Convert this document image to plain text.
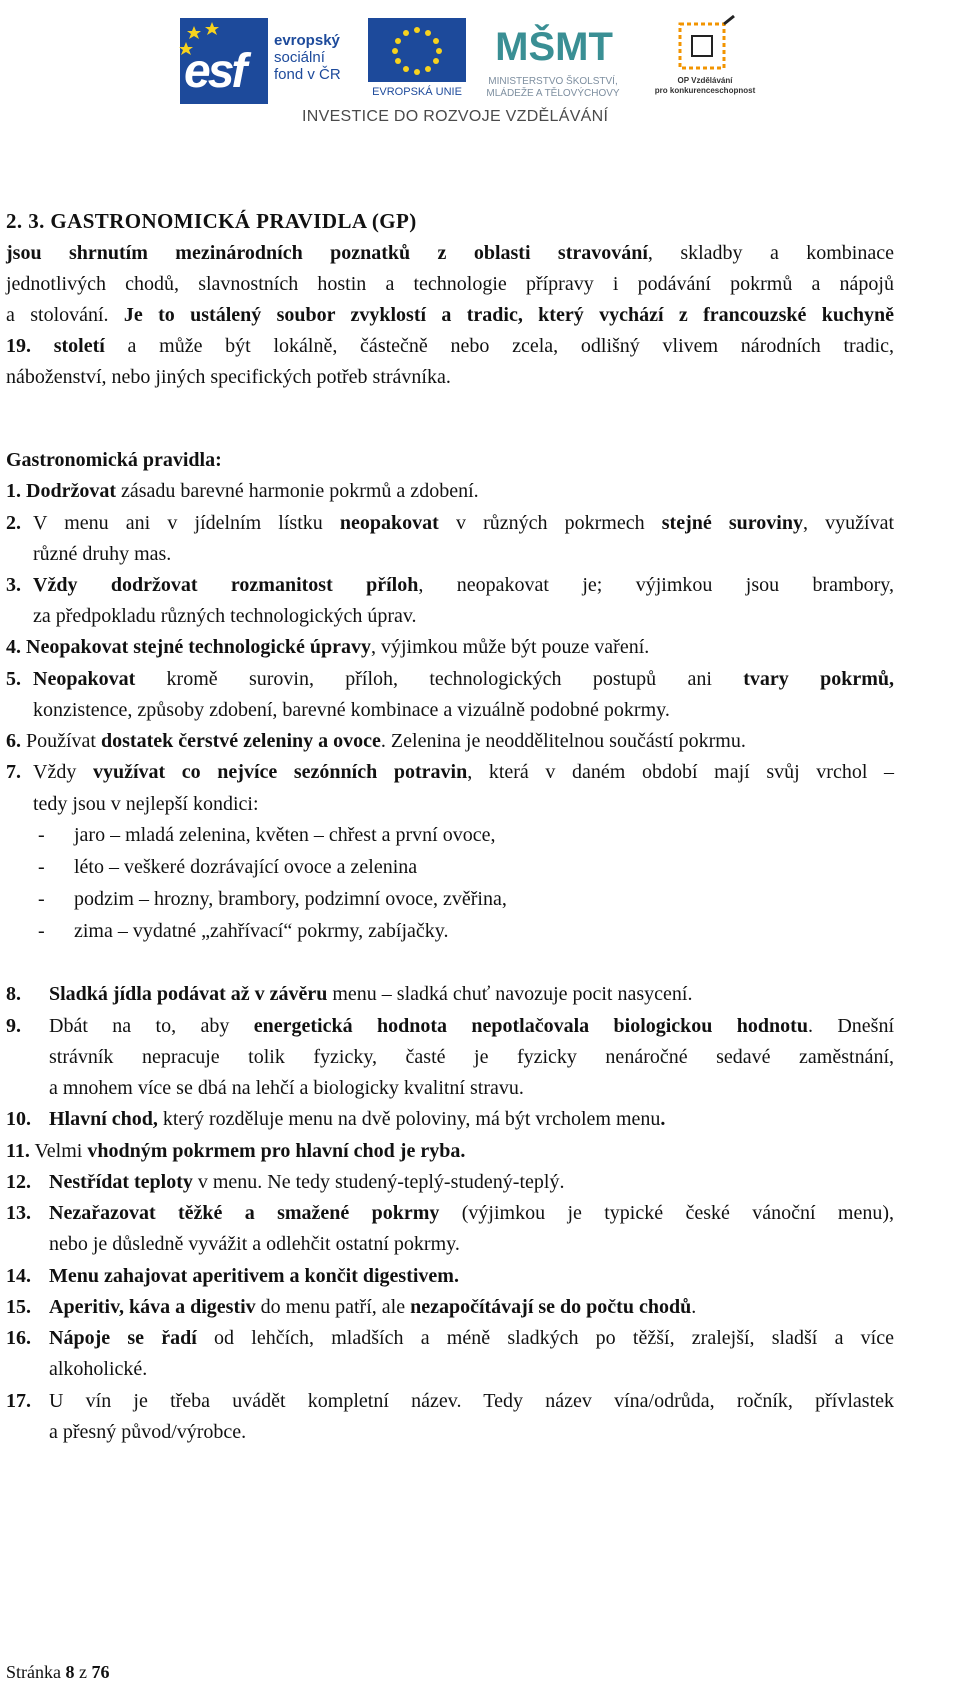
esf
evropský
sociální
fond v ČR
EVROPSKÁ UNIE
MŠMT
MINISTERSTVO ŠKOLSTVÍ,
MLÁDEŽE A TĚLOVÝCHOVY
OP Vzdělávání
pro konkurenceschopnost
INVESTICE DO ROZVOJE VZDĚLÁVÁNÍ
2. 3. GASTRONOMICKÁ PRAVIDLA (GP)
jsou shrnutím mezinárodních poznatků z oblasti stravování, skladby a kombinace
jednotlivých chodů, slavnostních hostin a technologie přípravy i podávání pokrmů a nápojů
a stolování. Je to ustálený soubor zvyklostí a tradic, který vychází z francouzské kuchyně
19. století a může být lokálně, částečně nebo zcela, odlišný vlivem národních tradic,
náboženství, nebo jiných specifických potřeb strávníka.
Gastronomická pravidla:
1. Dodržovat zásadu barevné harmonie pokrmů a zdobení.
2. V menu ani v jídelním lístku neopakovat v různých pokrmech stejné suroviny, využívat
různé druhy mas.
3. Vždy dodržovat rozmanitost příloh, neopakovat je; výjimkou jsou brambory,
za předpokladu různých technologických úprav.
4. Neopakovat stejné technologické úpravy, výjimkou může být pouze vaření.
5. Neopakovat kromě surovin, příloh, technologických postupů ani tvary pokrmů,
konzistence, způsoby zdobení, barevné kombinace a vizuálně podobné pokrmy.
6. Používat dostatek čerstvé zeleniny a ovoce. Zelenina je neoddělitelnou součástí pokrmu.
7. Vždy využívat co nejvíce sezónních potravin, která v daném období mají svůj vrchol –
tedy jsou v nejlepší kondici:
- jaro – mladá zelenina, květen – chřest a první ovoce,
- léto – veškeré dozrávající ovoce a zelenina
- podzim – hrozny, brambory, podzimní ovoce, zvěřina,
- zima – vydatné „zahřívací“ pokrmy, zabíjačky.
8. Sladká jídla podávat až v závěru menu – sladká chuť navozuje pocit nasycení.
9. Dbát na to, aby energetická hodnota nepotlačovala biologickou hodnotu. Dnešní
strávník nepracuje tolik fyzicky, časté je fyzicky nenáročné sedavé zaměstnání,
a mnohem více se dbá na lehčí a biologicky kvalitní stravu.
10. Hlavní chod, který rozděluje menu na dvě poloviny, má být vrcholem menu.
11. Velmi vhodným pokrmem pro hlavní chod je ryba.
12. Nestřídat teploty v menu. Ne tedy studený-teplý-studený-teplý.
13. Nezařazovat těžké a smažené pokrmy (výjimkou je typické české vánoční menu),
nebo je důsledně vyvážit a odlehčit ostatní pokrmy.
14. Menu zahajovat aperitivem a končit digestivem.
15. Aperitiv, káva a digestiv do menu patří, ale nezapočítávají se do počtu chodů.
16. Nápoje se řadí od lehčích, mladších a méně sladkých po těžší, zralejší, sladší a více
alkoholické.
17. U vín je třeba uvádět kompletní název. Tedy název vína/odrůda, ročník, přívlastek
a přesný původ/výrobce.
Stránka 8 z 76
